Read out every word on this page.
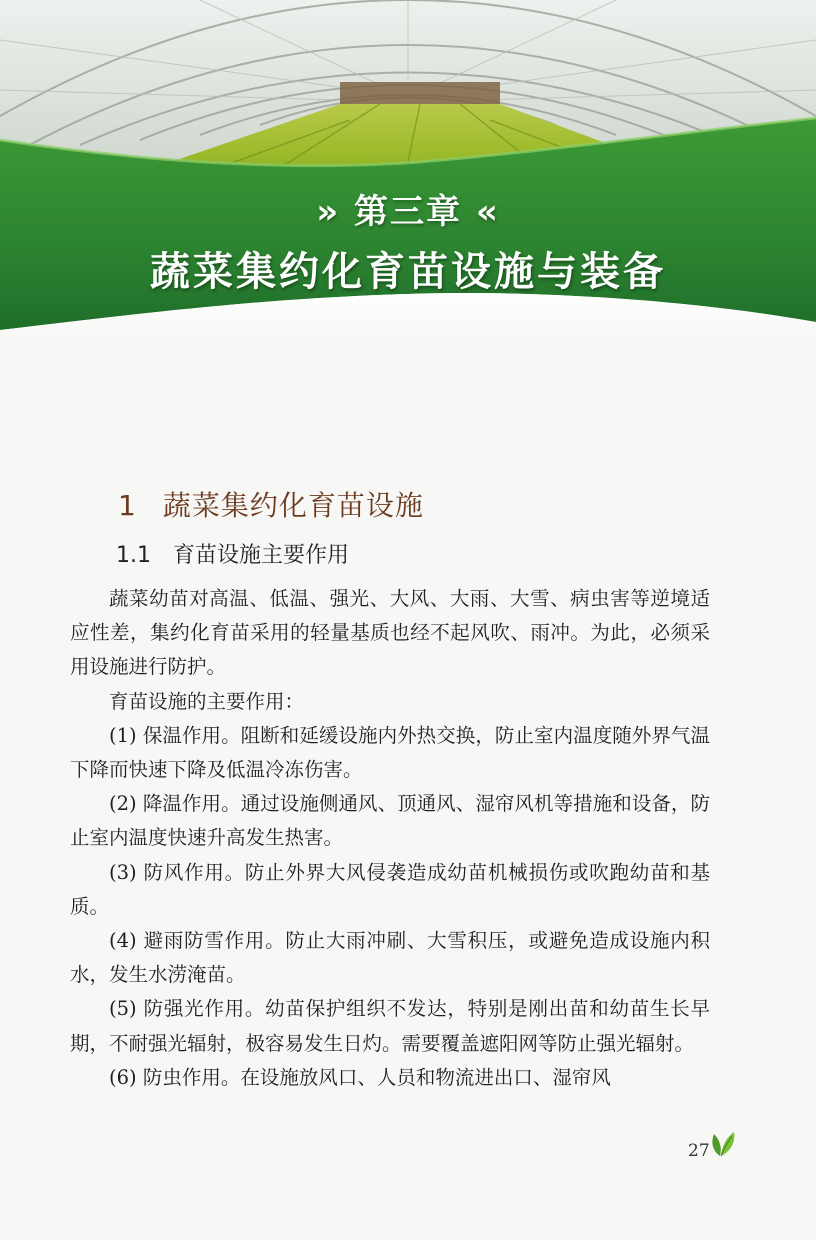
» 第三章 «
蔬菜集约化育苗设施与装备
1 蔬菜集约化育苗设施
1.1 育苗设施主要作用

蔬菜幼苗对高温、低温、强光、大风、大雨、大雪、病虫害等逆境适应性差，集约化育苗采用的轻量基质也经不起风吹、雨冲。为此，必须采用设施进行防护。

育苗设施的主要作用：

(1) 保温作用。阻断和延缓设施内外热交换，防止室内温度随外界气温下降而快速下降及低温冷冻伤害。

(2) 降温作用。通过设施侧通风、顶通风、湿帘风机等措施和设备，防止室内温度快速升高发生热害。

(3) 防风作用。防止外界大风侵袭造成幼苗机械损伤或吹跑幼苗和基质。

(4) 避雨防雪作用。防止大雨冲刷、大雪积压，或避免造成设施内积水，发生水涝淹苗。

(5) 防强光作用。幼苗保护组织不发达，特别是刚出苗和幼苗生长早期，不耐强光辐射，极容易发生日灼。需要覆盖遮阳网等防止强光辐射。

(6) 防虫作用。在设施放风口、人员和物流进出口、湿帘风

27
